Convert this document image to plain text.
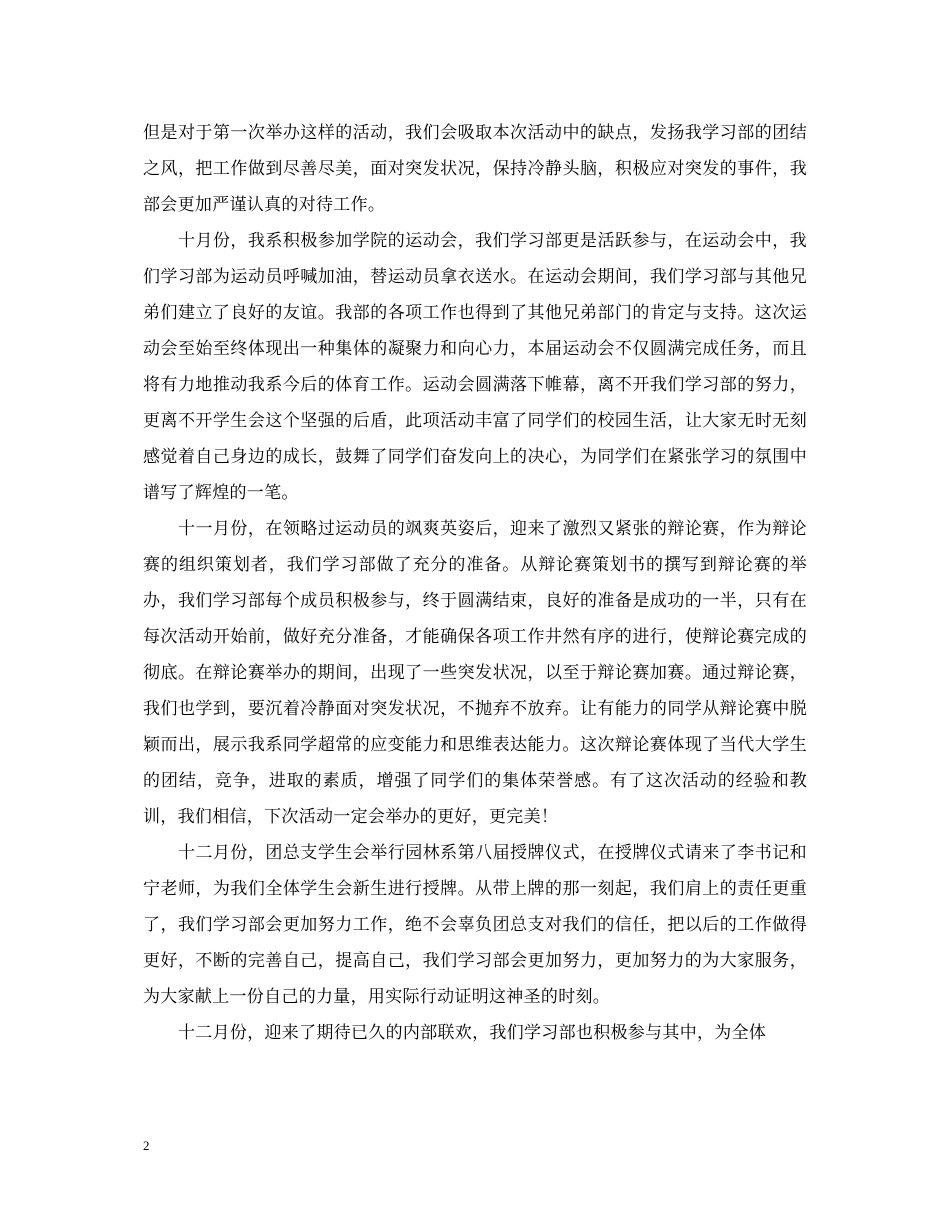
但是对于第一次举办这样的活动，我们会吸取本次活动中的缺点，发扬我学习部的团结之风，把工作做到尽善尽美，面对突发状况，保持冷静头脑，积极应对突发的事件，我部会更加严谨认真的对待工作。

十月份，我系积极参加学院的运动会，我们学习部更是活跃参与，在运动会中，我们学习部为运动员呼喊加油，替运动员拿衣送水。在运动会期间，我们学习部与其他兄弟们建立了良好的友谊。我部的各项工作也得到了其他兄弟部门的肯定与支持。这次运动会至始至终体现出一种集体的凝聚力和向心力，本届运动会不仅圆满完成任务，而且将有力地推动我系今后的体育工作。运动会圆满落下帷幕，离不开我们学习部的努力，更离不开学生会这个坚强的后盾，此项活动丰富了同学们的校园生活，让大家无时无刻感觉着自己身边的成长，鼓舞了同学们奋发向上的决心，为同学们在紧张学习的氛围中谱写了辉煌的一笔。

十一月份，在领略过运动员的飒爽英姿后，迎来了激烈又紧张的辩论赛，作为辩论赛的组织策划者，我们学习部做了充分的准备。从辩论赛策划书的撰写到辩论赛的举办，我们学习部每个成员积极参与，终于圆满结束，良好的准备是成功的一半，只有在每次活动开始前，做好充分准备，才能确保各项工作井然有序的进行，使辩论赛完成的彻底。在辩论赛举办的期间，出现了一些突发状况，以至于辩论赛加赛。通过辩论赛，我们也学到，要沉着冷静面对突发状况，不抛弃不放弃。让有能力的同学从辩论赛中脱颖而出，展示我系同学超常的应变能力和思维表达能力。这次辩论赛体现了当代大学生的团结，竞争，进取的素质，增强了同学们的集体荣誉感。有了这次活动的经验和教训，我们相信，下次活动一定会举办的更好，更完美！

十二月份，团总支学生会举行园林系第八届授牌仪式，在授牌仪式请来了李书记和宁老师，为我们全体学生会新生进行授牌。从带上牌的那一刻起，我们肩上的责任更重了，我们学习部会更加努力工作，绝不会辜负团总支对我们的信任，把以后的工作做得更好，不断的完善自己，提高自己，我们学习部会更加努力，更加努力的为大家服务，为大家献上一份自己的力量，用实际行动证明这神圣的时刻。

十二月份，迎来了期待已久的内部联欢，我们学习部也积极参与其中，为全体

2
